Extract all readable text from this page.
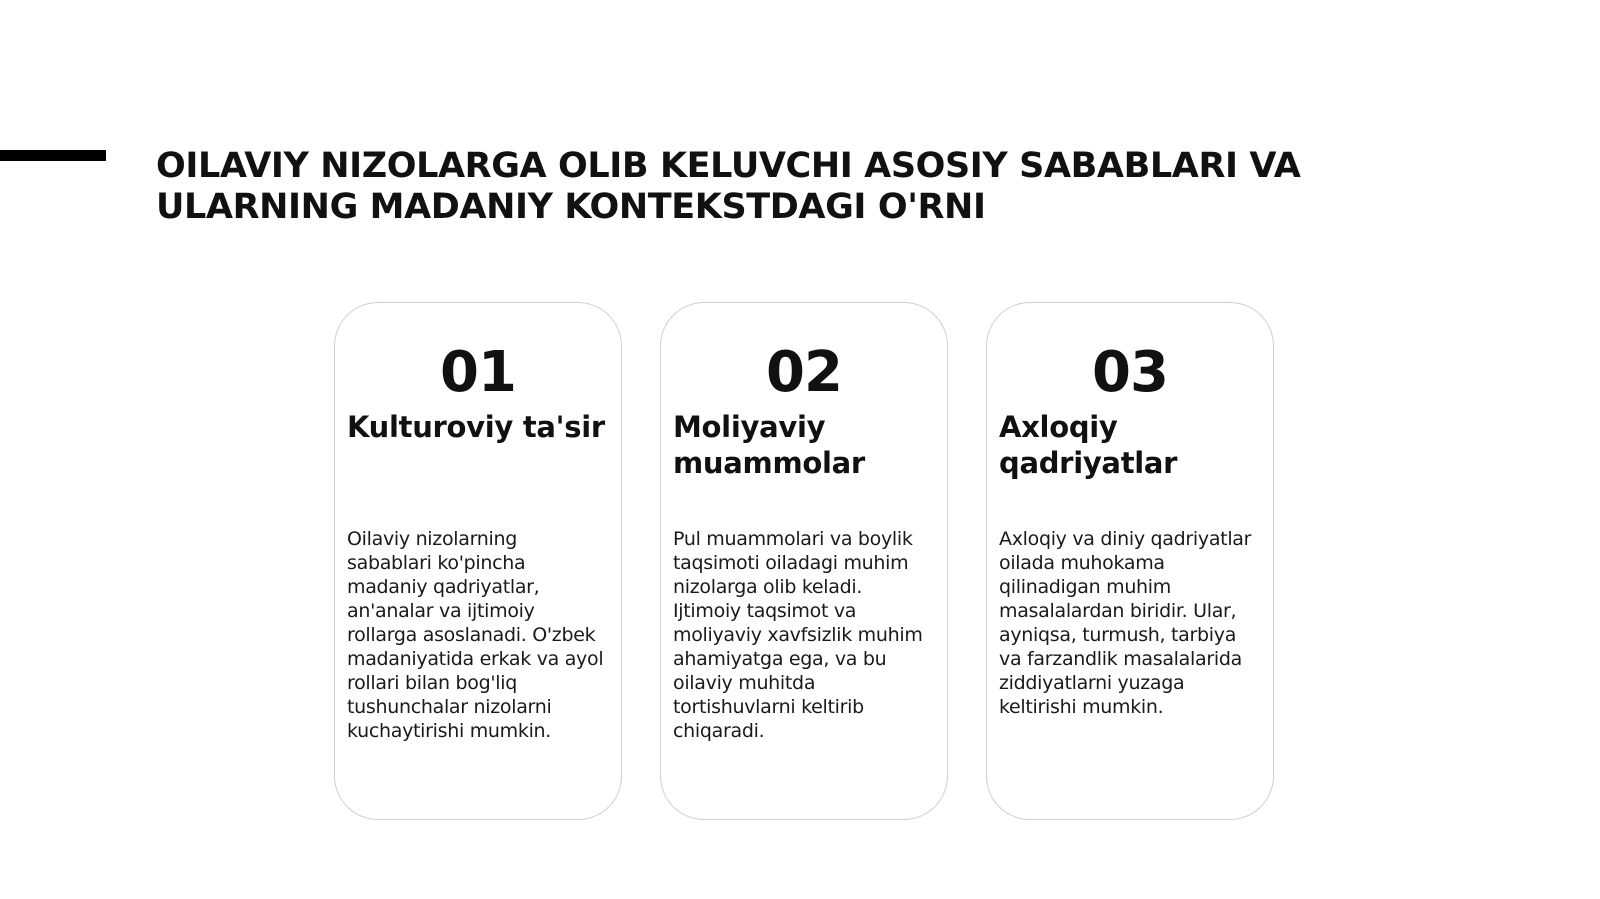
OILAVIY NIZOLARGA OLIB KELUVCHI ASOSIY SABABLARI VA
ULARNING MADANIY KONTEKSTDAGI O'RNI
01
Kulturoviy ta'sir

Oilaviy nizolarning
sabablari ko'pincha
madaniy qadriyatlar,
an'analar va ijtimoiy
rollarga asoslanadi. O'zbek
madaniyatida erkak va ayol
rollari bilan bog'liq
tushunchalar nizolarni
kuchaytirishi mumkin.

02
Moliyaviy muammolar

Pul muammolari va boylik
taqsimoti oiladagi muhim
nizolarga olib keladi.
Ijtimoiy taqsimot va
moliyaviy xavfsizlik muhim
ahamiyatga ega, va bu
oilaviy muhitda
tortishuvlarni keltirib
chiqaradi.

03
Axloqiy qadriyatlar

Axloqiy va diniy qadriyatlar
oilada muhokama
qilinadigan muhim
masalalardan biridir. Ular,
ayniqsa, turmush, tarbiya
va farzandlik masalalarida
ziddiyatlarni yuzaga
keltirishi mumkin.
